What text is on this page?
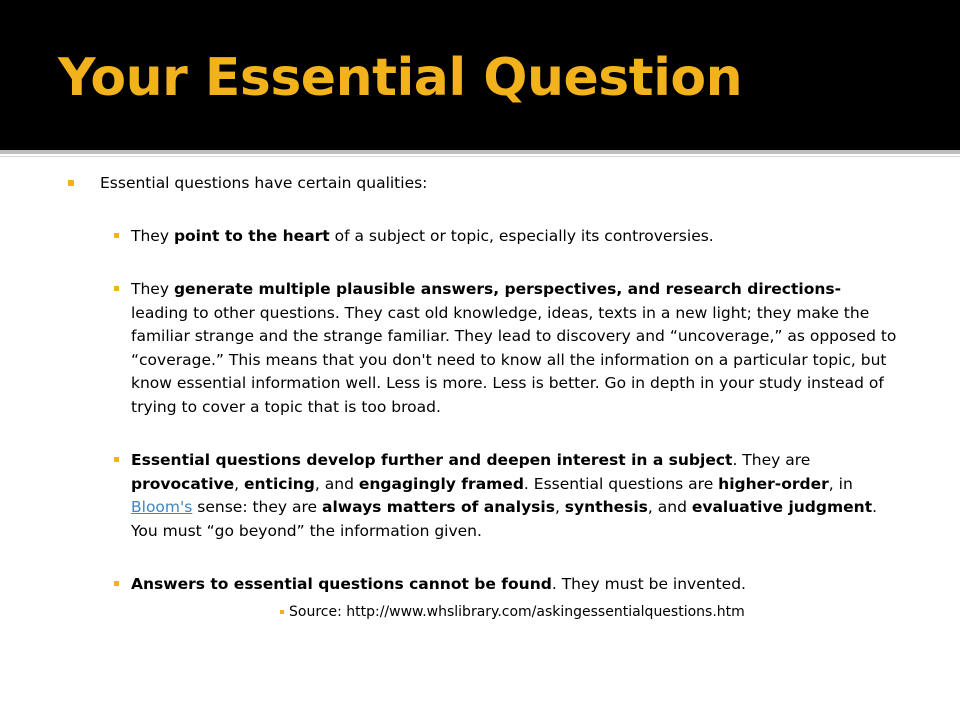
Your Essential Question
Essential questions have certain qualities:
They point to the heart of a subject or topic, especially its controversies.
They generate multiple plausible answers, perspectives, and research directions- leading to other questions. They cast old knowledge, ideas, texts in a new light; they make the familiar strange and the strange familiar. They lead to discovery and “uncoverage,” as opposed to “coverage.” This means that you don't need to know all the information on a particular topic, but know essential information well. Less is more. Less is better. Go in depth in your study instead of trying to cover a topic that is too broad.
Essential questions develop further and deepen interest in a subject. They are provocative, enticing, and engagingly framed. Essential questions are higher-order, in Bloom's sense: they are always matters of analysis, synthesis, and evaluative judgment. You must “go beyond” the information given.
Answers to essential questions cannot be found. They must be invented.
Source: http://www.whslibrary.com/askingessentialquestions.htm
